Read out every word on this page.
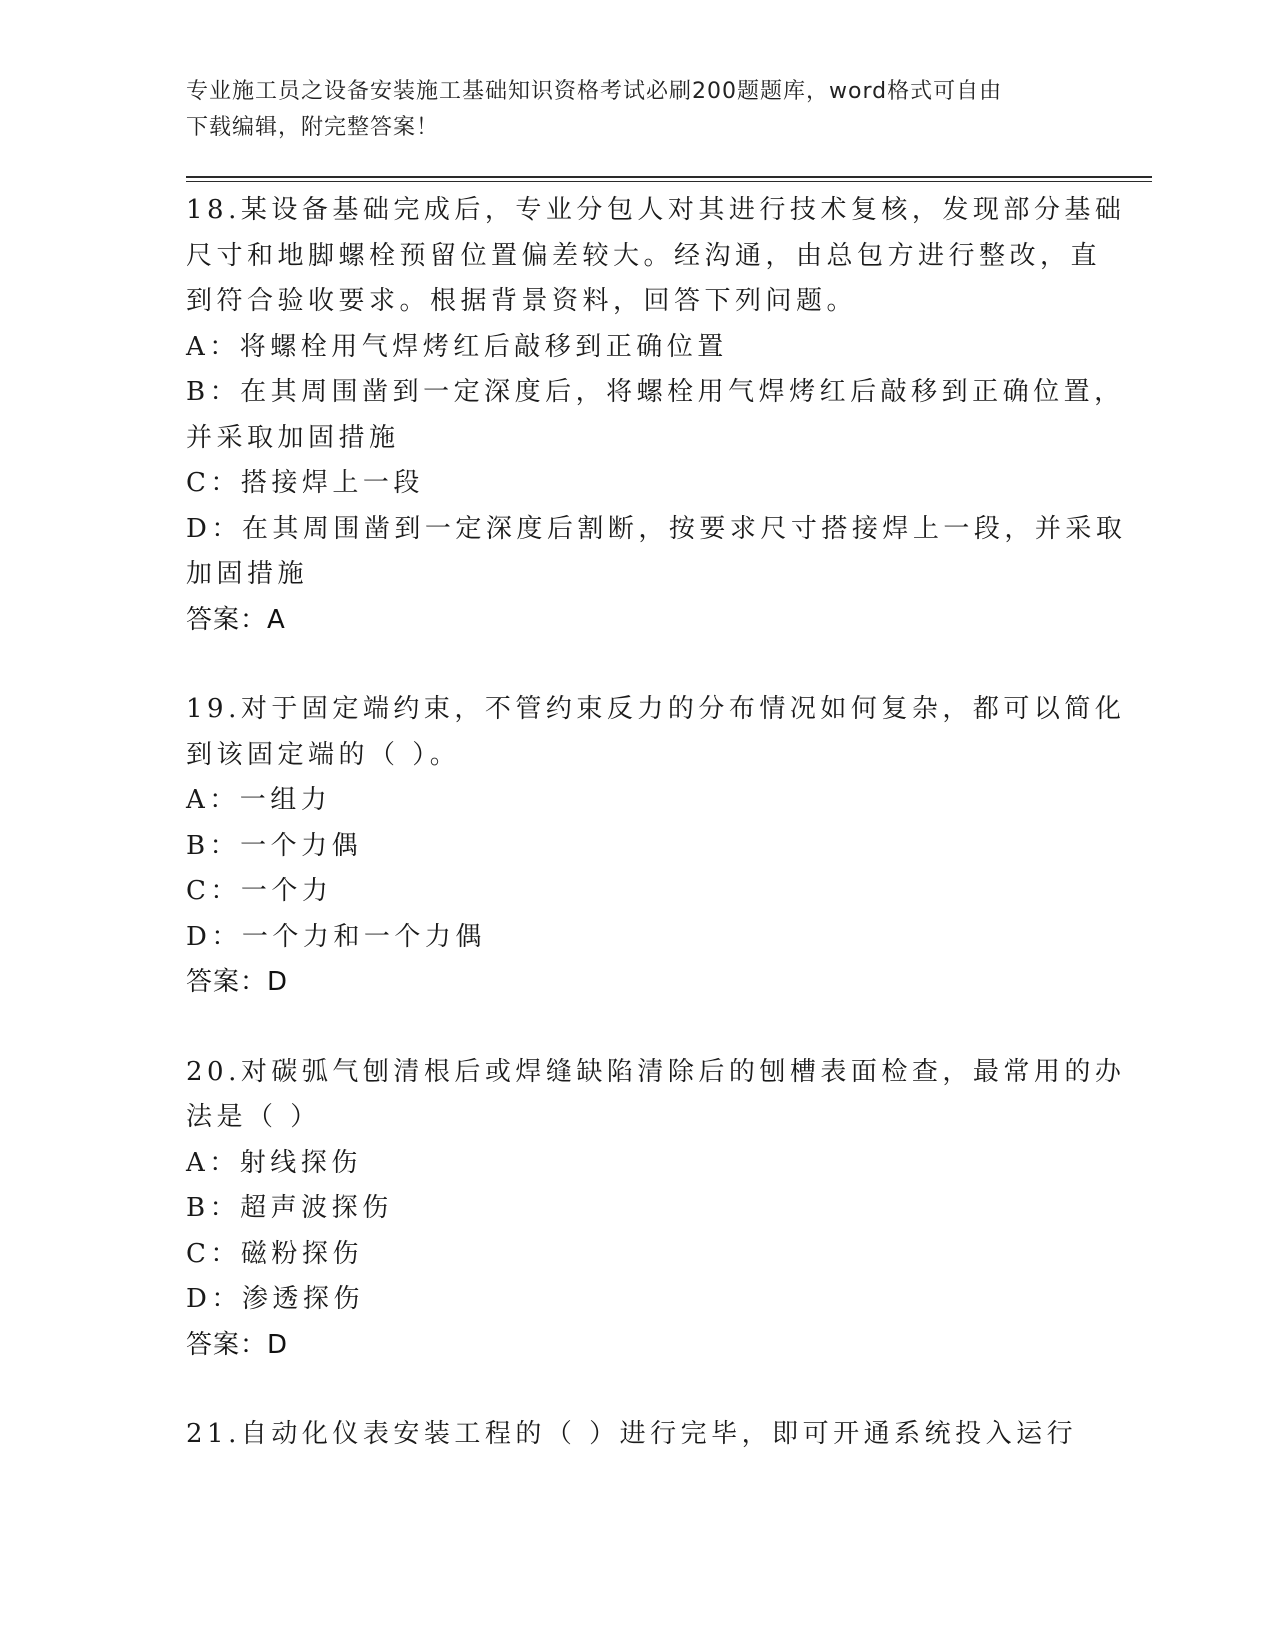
专业施工员之设备安装施工基础知识资格考试必刷200题题库，word格式可自由
下载编辑，附完整答案！
18.某设备基础完成后，专业分包人对其进行技术复核，发现部分基础
尺寸和地脚螺栓预留位置偏差较大。经沟通，由总包方进行整改，直
到符合验收要求。根据背景资料，回答下列问题。
A：将螺栓用气焊烤红后敲移到正确位置
B：在其周围凿到一定深度后，将螺栓用气焊烤红后敲移到正确位置，
并采取加固措施
C：搭接焊上一段
D：在其周围凿到一定深度后割断，按要求尺寸搭接焊上一段，并采取
加固措施
答案：A
19.对于固定端约束，不管约束反力的分布情况如何复杂，都可以简化
到该固定端的（ ）。
A：一组力
B：一个力偶
C：一个力
D：一个力和一个力偶
答案：D
20.对碳弧气刨清根后或焊缝缺陷清除后的刨槽表面检查，最常用的办
法是（ ）
A：射线探伤
B：超声波探伤
C：磁粉探伤
D：渗透探伤
答案：D
21.自动化仪表安装工程的（ ）进行完毕，即可开通系统投入运行
